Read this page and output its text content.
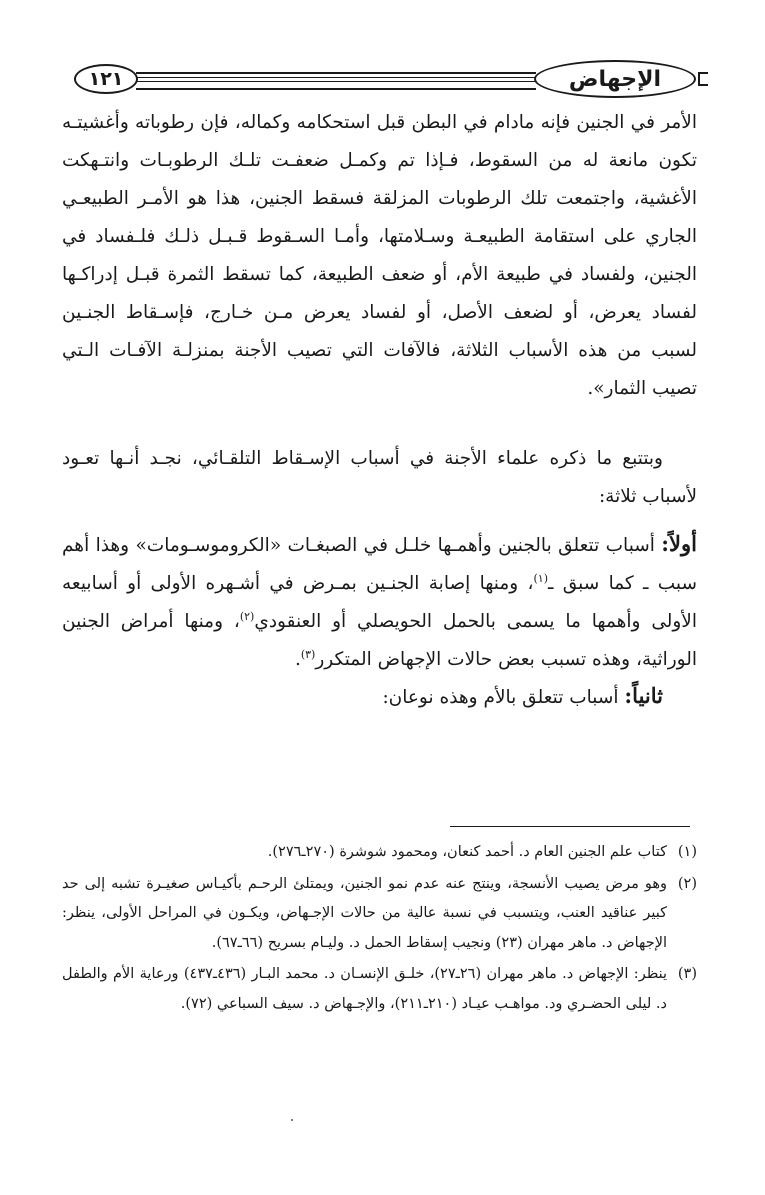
١٢١	الإجهاض

الأمر في الجنين فإنه مادام في البطن قبل استحكامه وكماله، فإن رطوباته وأغشيتـه تكون مانعة له من السقوط، فـإذا تم وكمـل ضعفـت تلـك الرطوبـات وانتـهكت الأغشية، واجتمعت تلك الرطوبات المزلقة فسقط الجنين، هذا هو الأمـر الطبيعـي الجاري على استقامة الطبيعـة وسـلامتها، وأمـا السـقوط قـبـل ذلـك فلـفساد في الجنين، ولفساد في طبيعة الأم، أو ضعف الطبيعة، كما تسقط الثمرة قبـل إدراكـها لفساد يعرض، أو لضعف الأصل، أو لفساد يعرض مـن خـارج، فإسـقاط الجنـين لسبب من هذه الأسباب الثلاثة، فالآفات التي تصيب الأجنة بمنزلـة الآفـات الـتي تصيب الثمار».

وبتتبع ما ذكره علماء الأجنة في أسباب الإسـقاط التلقـائي، نجـد أنـها تعـود لأسباب ثلاثة:

أولاً: أسباب تتعلق بالجنين وأهمـها خلـل في الصبغـات «الكروموسـومات» وهذا أهم سبب ـ كما سبق ـ$^{(١)}$، ومنها إصابة الجنـين بمـرض في أشـهره الأولى أو أسابيعه الأولى وأهمها ما يسمى بالحمل الحويصلي أو العنقودي$^{(٢)}$، ومنها أمراض الجنين الوراثية، وهذه تسبب بعض حالات الإجهاض المتكرر$^{(٣)}$.

ثانياً: أسباب تتعلق بالأم وهذه نوعان:

(١)
كتاب علم الجنين العام د. أحمد كنعان، ومحمود شوشرة (٢٧٠ـ٢٧٦).
(٢)
وهو مرض يصيب الأنسجة، وينتج عنه عدم نمو الجنين، ويمتلئ الرحـم بأكيـاس صغيـرة تشبه إلى حد كبير عناقيد العنب، ويتسبب في نسبة عالية من حالات الإجـهاض، ويكـون في المراحل الأولى، ينظر: الإجهاض د. ماهر مهران (٢٣) ونجيب إسقاط الحمل د. وليـام بسريح (٦٦ـ٦٧).
(٣)
ينظر: الإجهاض د. ماهر مهران (٢٦ـ٢٧)، خلـق الإنسـان د. محمد البـار (٤٣٦ـ٤٣٧) ورعاية الأم والطفل د. ليلى الحضـري ود. مواهـب عيـاد (٢١٠ـ٢١١)، والإجـهاض د. سيف السباعي (٧٢).
